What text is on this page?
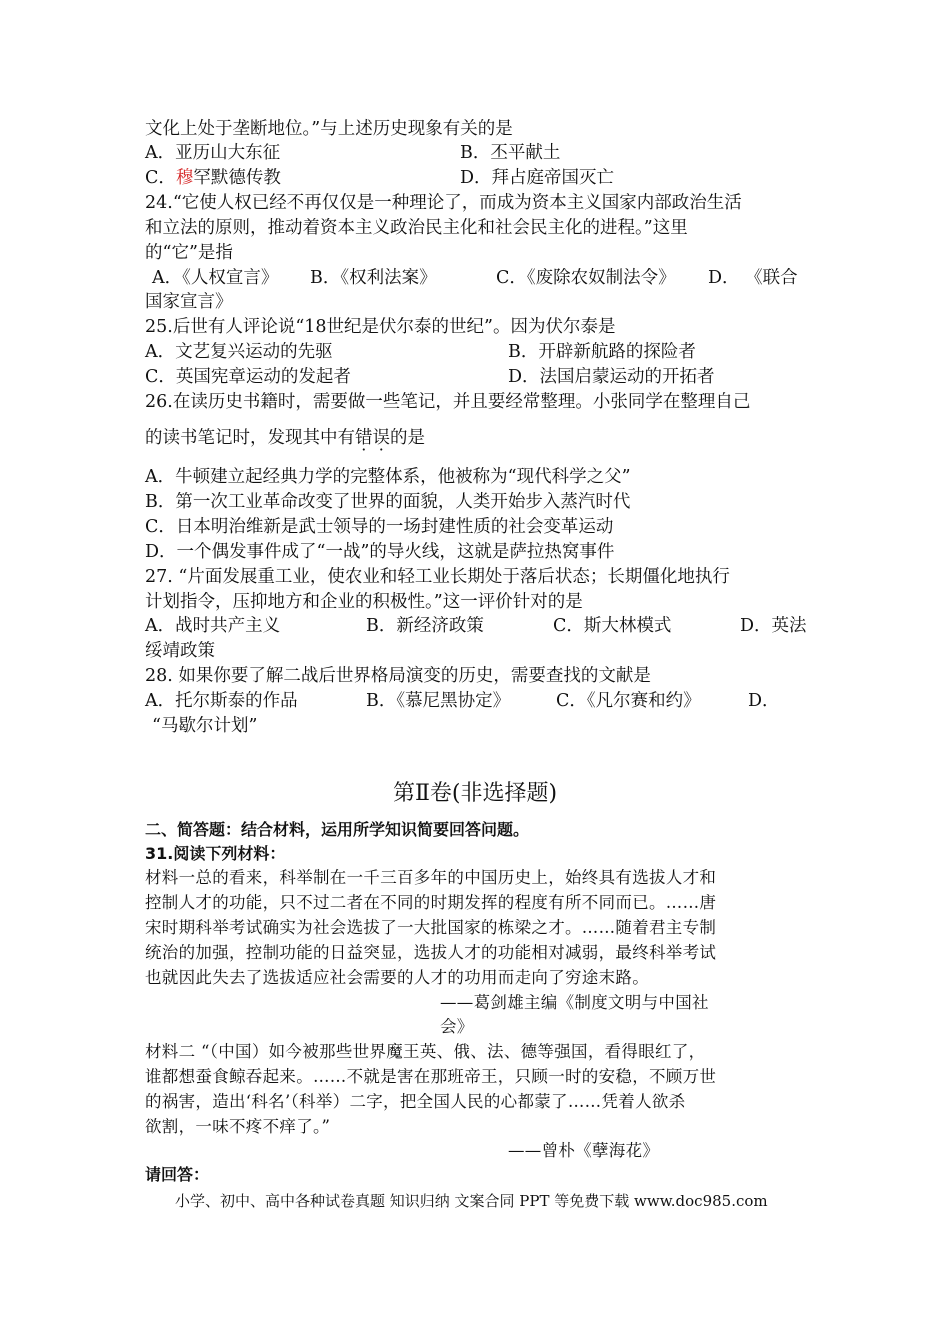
文化上处于垄断地位。”与上述历史现象有关的是
A．亚历山大东征	B．丕平献土
C．穆罕默德传教	D．拜占庭帝国灭亡
24.“它使人权已经不再仅仅是一种理论了，而成为资本主义国家内部政治生活
和立法的原则，推动着资本主义政治民主化和社会民主化的进程。”这里
的“它”是指
A．《人权宣言》 B．《权利法案》	C．《废除农奴制法令》 D． 《联合
国家宣言》
25.后世有人评论说“18世纪是伏尔泰的世纪”。因为伏尔泰是
A．文艺复兴运动的先驱	B．开辟新航路的探险者
C．英国宪章运动的发起者	D．法国启蒙运动的开拓者
26.在读历史书籍时，需要做一些笔记，并且要经常整理。小张同学在整理自己
的读书笔记时，发现其中有错误的是
A．牛顿建立起经典力学的完整体系，他被称为“现代科学之父”
B．第一次工业革命改变了世界的面貌，人类开始步入蒸汽时代
C．日本明治维新是武士领导的一场封建性质的社会变革运动
D．一个偶发事件成了“一战”的导火线，这就是萨拉热窝事件
27. “片面发展重工业，使农业和轻工业长期处于落后状态；长期僵化地执行
计划指令，压抑地方和企业的积极性。”这一评价针对的是
A．战时共产主义	B．新经济政策	C．斯大林模式	D．英法
绥靖政策
28. 如果你要了解二战后世界格局演变的历史，需要查找的文献是
A．托尔斯泰的作品	B．《慕尼黑协定》	C．《凡尔赛和约》	D．
“马歇尔计划”
第Ⅱ卷(非选择题)
二、简答题：结合材料，运用所学知识简要回答问题。
31.阅读下列材料：
材料一总的看来，科举制在一千三百多年的中国历史上，始终具有选拔人才和
控制人才的功能，只不过二者在不同的时期发挥的程度有所不同而已。……唐
宋时期科举考试确实为社会选拔了一大批国家的栋梁之才。……随着君主专制
统治的加强，控制功能的日益突显，选拔人才的功能相对减弱，最终科举考试
也就因此失去了选拔适应社会需要的人才的功用而走向了穷途末路。
——葛剑雄主编《制度文明与中国社
会》
材料二 “（中国）如今被那些世界魔王英、俄、法、德等强国，看得眼红了，
谁都想蚕食鲸吞起来。……不就是害在那班帝王，只顾一时的安稳，不顾万世
的祸害，造出‘科名’（科举）二字，把全国人民的心都蒙了……凭着人欲杀
欲割，一味不疼不痒了。”
——曾朴《孽海花》
请回答：
小学、初中、高中各种试卷真题 知识归纳 文案合同 PPT 等免费下载 www.doc985.com
